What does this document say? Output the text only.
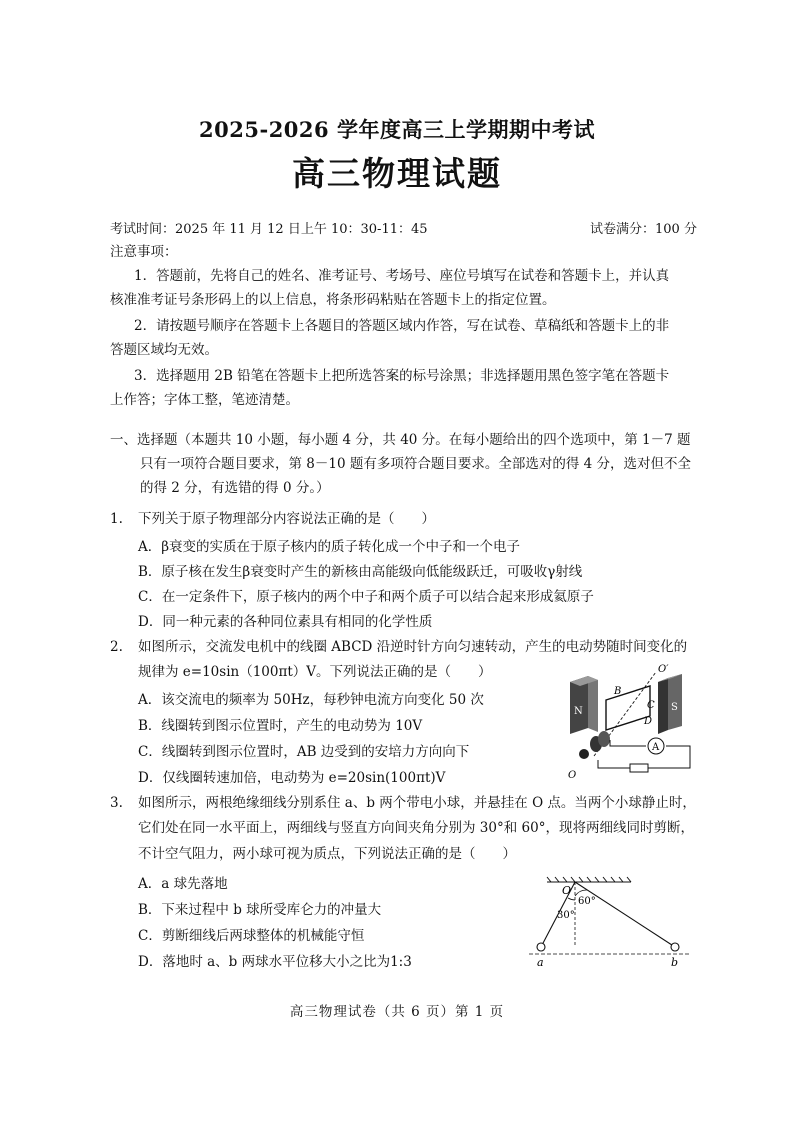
2025-2026 学年度高三上学期期中考试
高三物理试题
考试时间：2025 年 11 月 12 日上午 10：30-11：45	试卷满分：100 分
注意事项：
1．答题前，先将自己的姓名、准考证号、考场号、座位号填写在试卷和答题卡上，并认真
核准准考证号条形码上的以上信息，将条形码粘贴在答题卡上的指定位置。
2．请按题号顺序在答题卡上各题目的答题区域内作答，写在试卷、草稿纸和答题卡上的非
答题区域均无效。
3．选择题用 2B 铅笔在答题卡上把所选答案的标号涂黑；非选择题用黑色签字笔在答题卡
上作答；字体工整，笔迹清楚。
一、选择题（本题共 10 小题，每小题 4 分，共 40 分。在每小题给出的四个选项中，第 1－7 题
只有一项符合题目要求，第 8－10 题有多项符合题目要求。全部选对的得 4 分，选对但不全
的得 2 分，有选错的得 0 分。）
1. 下列关于原子物理部分内容说法正确的是（　　）
A．β衰变的实质在于原子核内的质子转化成一个中子和一个电子
B．原子核在发生β衰变时产生的新核由高能级向低能级跃迁，可吸收γ射线
C．在一定条件下，原子核内的两个中子和两个质子可以结合起来形成氦原子
D．同一种元素的各种同位素具有相同的化学性质
2. 如图所示，交流发电机中的线圈 ABCD 沿逆时针方向匀速转动，产生的电动势随时间变化的
规律为 e=10sin（100πt）V。下列说法正确的是（　　）
A．该交流电的频率为 50Hz，每秒钟电流方向变化 50 次
B．线圈转到图示位置时，产生的电动势为 10V
C．线圈转到图示位置时，AB 边受到的安培力方向向下
D．仅线圈转速加倍，电动势为 e=20sin(100πt)V
N	S
B
C
D
O′
O
A
3. 如图所示，两根绝缘细线分别系住 a、b 两个带电小球，并悬挂在 O 点。当两个小球静止时，
它们处在同一水平面上，两细线与竖直方向间夹角分别为 30°和 60°，现将两细线同时剪断，
不计空气阻力，两小球可视为质点，下列说法正确的是（　　）
A．a 球先落地
B．下来过程中 b 球所受库仑力的冲量大
C．剪断细线后两球整体的机械能守恒
D．落地时 a、b 两球水平位移大小之比为1:3
O
60°
30°
a	b
高三物理试卷（共 6 页）第 1 页
